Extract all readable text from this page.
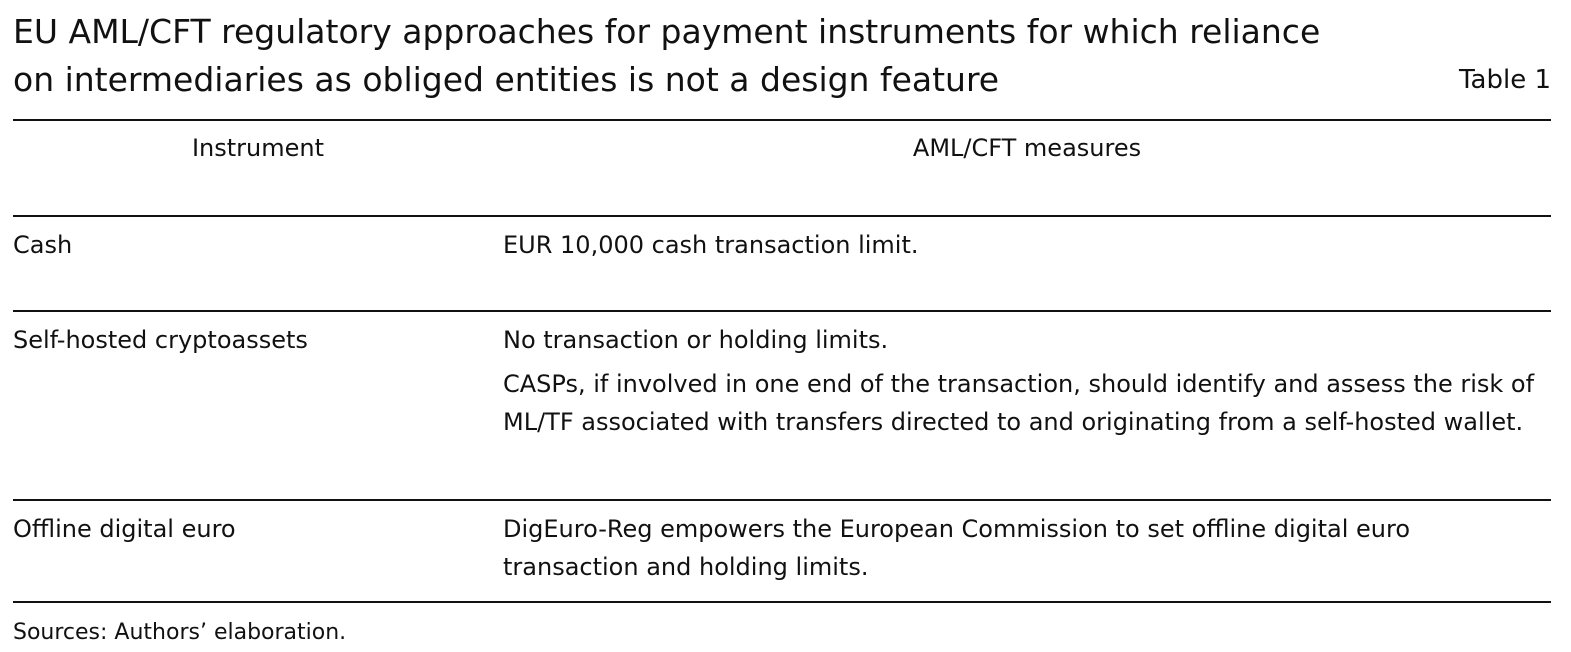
EU AML/CFT regulatory approaches for payment instruments for which reliance
on intermediaries as obliged entities is not a design feature	Table 1
Instrument	AML/CFT measures
Cash	EUR 10,000 cash transaction limit.

Self-hosted cryptoassets	No transaction or holding limits.

CASPs, if involved in one end of the transaction, should identify and assess the risk of ML/TF associated with transfers directed to and originating from a self-hosted wallet.

Offline digital euro	DigEuro-Reg empowers the European Commission to set offline digital euro transaction and holding limits.

Sources: Authors’ elaboration.
